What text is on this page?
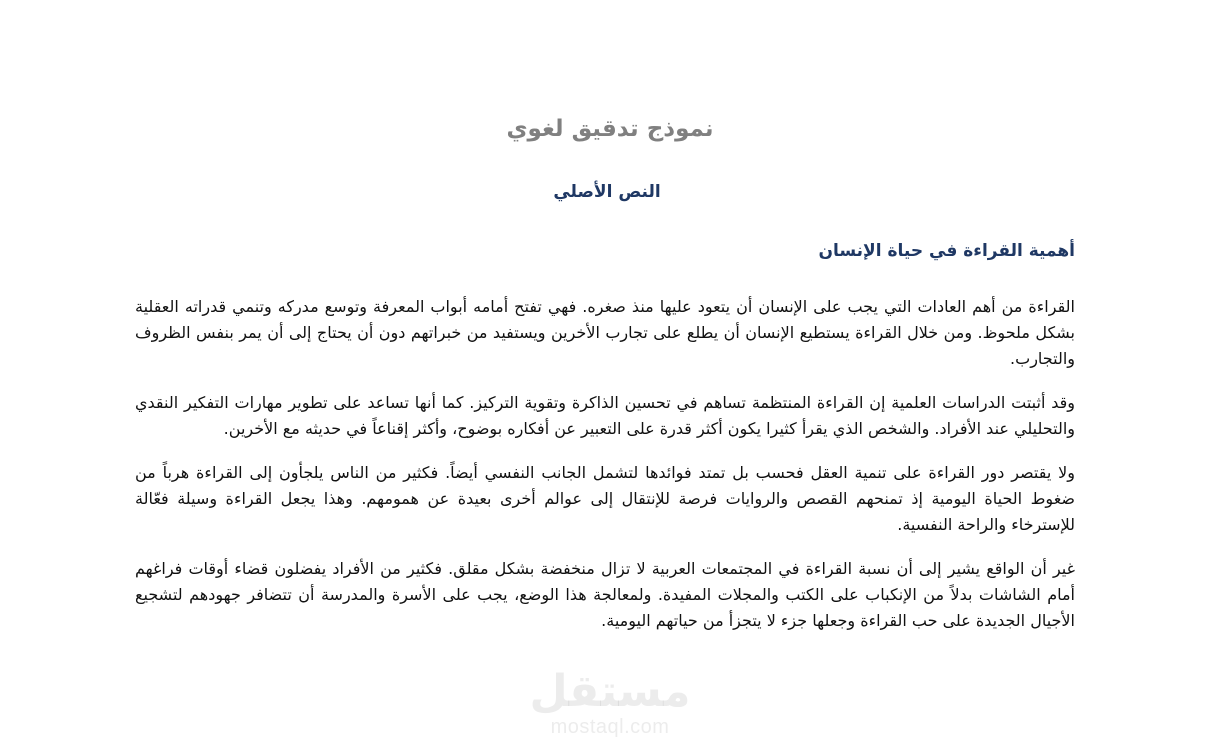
نموذج تدقيق لغوي
النص الأصلي
أهمية القراءة في حياة الإنسان

القراءة من أهم العادات التي يجب على الإنسان أن يتعود عليها منذ صغره. فهي تفتح أمامه أبواب المعرفة وتوسع مدركه وتنمي قدراته العقلية بشكل ملحوظ. ومن خلال القراءة يستطيع الإنسان أن يطلع على تجارب الأخرين ويستفيد من خبراتهم دون أن يحتاج إلى أن يمر بنفس الظروف والتجارب.

وقد أثبتت الدراسات العلمية إن القراءة المنتظمة تساهم في تحسين الذاكرة وتقوية التركيز. كما أنها تساعد على تطوير مهارات التفكير النقدي والتحليلي عند الأفراد. والشخص الذي يقرأ كثيرا يكون أكثر قدرة على التعبير عن أفكاره بوضوح، وأكثر إقناعاً في حديثه مع الأخرين.

ولا يقتصر دور القراءة على تنمية العقل فحسب بل تمتد فوائدها لتشمل الجانب النفسي أيضاً. فكثير من الناس يلجأون إلى القراءة هرباً من ضغوط الحياة اليومية إذ تمنحهم القصص والروايات فرصة للإنتقال إلى عوالم أخرى بعيدة عن همومهم. وهذا يجعل القراءة وسيلة فعّالة للإسترخاء والراحة النفسية.

غير أن الواقع يشير إلى أن نسبة القراءة في المجتمعات العربية لا تزال منخفضة بشكل مقلق. فكثير من الأفراد يفضلون قضاء أوقات فراغهم أمام الشاشات بدلاً من الإنكباب على الكتب والمجلات المفيدة. ولمعالجة هذا الوضع، يجب على الأسرة والمدرسة أن تتضافر جهودهم لتشجيع الأجيال الجديدة على حب القراءة وجعلها جزء لا يتجزأ من حياتهم اليومية.

مستقل
mostaql.com
